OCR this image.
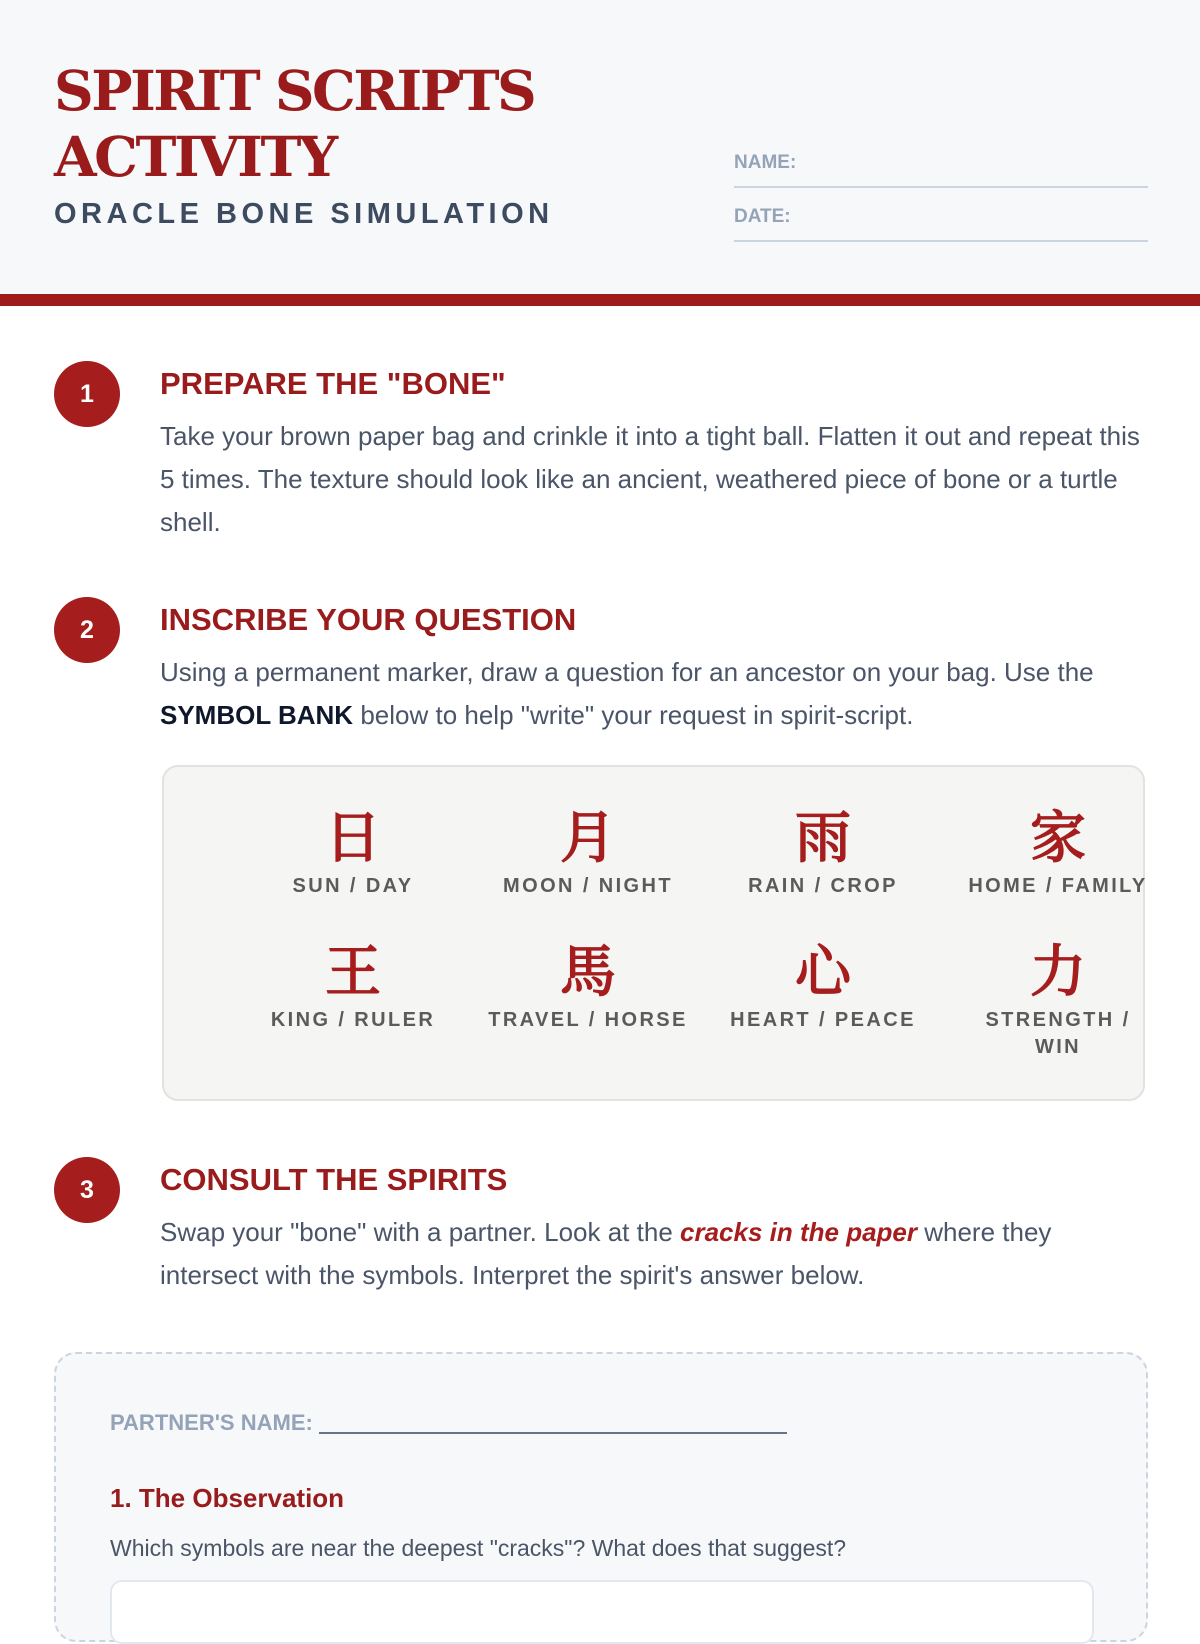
SPIRIT SCRIPTS
ACTIVITY
ORACLE BONE SIMULATION
NAME:
DATE:
1	PREPARE THE "BONE"
Take your brown paper bag and crinkle it into a tight ball. Flatten it out and repeat this 5 times. The texture should look like an ancient, weathered piece of bone or a turtle shell.
2	INSCRIBE YOUR QUESTION
Using a permanent marker, draw a question for an ancestor on your bag. Use the SYMBOL BANK below to help "write" your request in spirit-script.
日
SUN / DAY
月
MOON / NIGHT
雨
RAIN / CROP
家
HOME / FAMILY
王
KING / RULER
馬
TRAVEL / HORSE
心
HEART / PEACE
力
STRENGTH / WIN
3	CONSULT THE SPIRITS
Swap your "bone" with a partner. Look at the cracks in the paper where they intersect with the symbols. Interpret the spirit's answer below.
PARTNER'S NAME:
1. The Observation
Which symbols are near the deepest "cracks"? What does that suggest?
